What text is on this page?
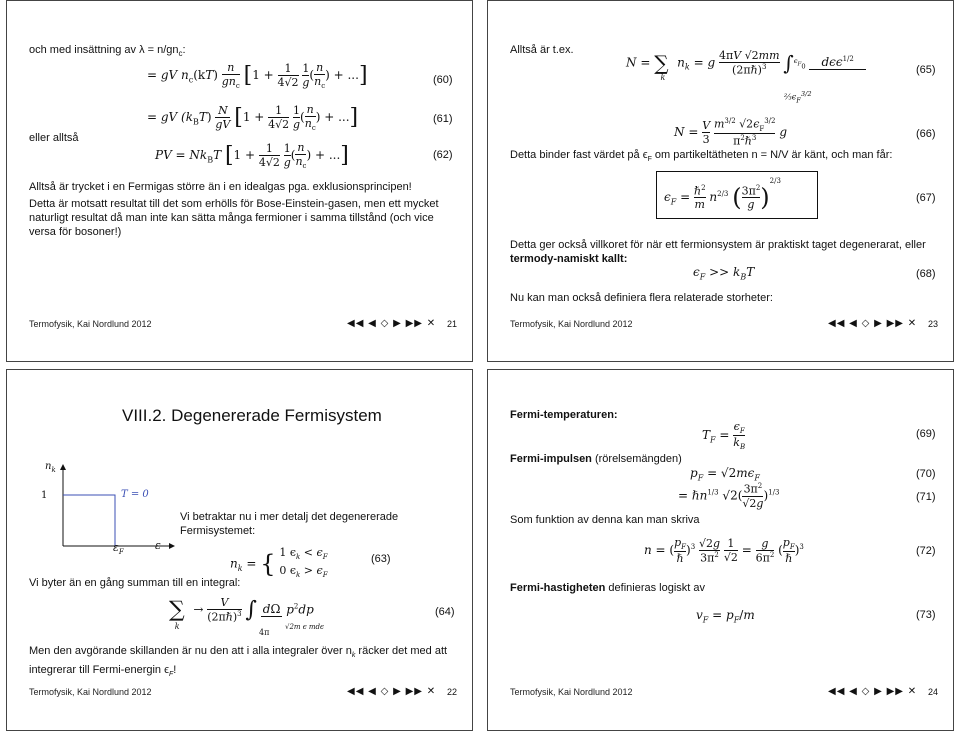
och med insättning av $\lambda = n/gn_c$:
= gV $n_c(kT)$ n

$gn_c$ [1 + 1

4√2
1

g
($\frac{n}{n_c}$ ) + ...]	(60)
eller alltså
= gV $(k_BT) \frac{N}{gV} [1 + 1$

4√2
1

g
($\frac{n}{n_c}$ ) + ...]	(61)
PV = $Nk_BT$ [1 + 1

4√2
1

g
($\frac{n}{n_c}$ ) + ...]	(62)
Alltså är trycket i en Fermigas större än i en idealgas pga. exklusionsprincipen!
Detta är motsatt resultat till det som erhölls för Bose-Einstein-gasen, men ett mycket naturligt resultat då man inte kan sätta många fermioner i samma tillstånd (och vice versa för bosoner!)
Termofysik, Kai Nordlund 2012	◀◀ ◀ ◇ ▶ ▶▶ ✕ 21
Alltså är t.ex.
$N = \sum_k$ $n_k = g$ 4πV √2mm

(2πℏ)$^3$ ∫$^{\epsilon_F}_0$ dϵϵ$^{1/2}$
$\frac{2}{3}\epsilon_F^{3/2}$
(65)
$N = \frac{V}{3} m^{3/2}$ $√2\epsilon_F^{3/2}$

$\pi^2\hbar^3$	g	(66)
Detta binder fast värdet på $\epsilon_F$ om partikeltätheten n = N/V är känt, och man får:
$\epsilon_F$ = ℏ$^2$

m
$n^{2/3}$ ($3\pi^2$

g )$^{2/3}$
(67)
Detta ger också villkoret för när ett fermionsystem är praktiskt taget degenerarat, eller termody-namiskt kallt:
$\epsilon_F >> k_BT$	(68)
Nu kan man också definiera flera relaterade storheter:
Termofysik, Kai Nordlund 2012	◀◀ ◀ ◇ ▶ ▶▶ ✕ 23
VIII.2. Degenererade Fermisystem
$n_k$
1	T = 0
$\varepsilon_F$
ε
Vi betraktar nu i mer detalj det degenererade Fermisystemet:
$n_k$ = { 1 $\epsilon_k < \epsilon_F$
0 $\epsilon_k > \epsilon_F$
(63)
Vi byter än en gång summan till en integral:
$\sum_k \to V$

(2πℏ)$^3$ ∫ dΩ $p^2dp$
4π
√2m ϵ mdϵ
(64)
Men den avgörande skillanden är nu den att i alla integraler över $n_k$ räcker det med att integrerar till Fermi-energin $\epsilon_F$!
Termofysik, Kai Nordlund 2012	◀◀ ◀ ◇ ▶ ▶▶ ✕ 22
Fermi-temperaturen:
$T_F = \epsilon_F$

$k_B$
(69)
Fermi-impulsen (rörelsemängden)
$p_F = √2m\epsilon_F$	(70)
= ℏn$^{1/3}$ $√2(3\pi^2$

√2g
)$^{1/3}$	(71)
Som funktion av denna kan man skriva
$n = (p_F$

ℏ
)$^3$ √2g

$3\pi^2$
1

√2
= $\frac{g}{6\pi^2} (p_F$

ℏ
)$^3$	(72)
Fermi-hastigheten definieras logiskt av
$v_F = p_F/m$	(73)
Termofysik, Kai Nordlund 2012	◀◀ ◀ ◇ ▶ ▶▶ ✕ 24
